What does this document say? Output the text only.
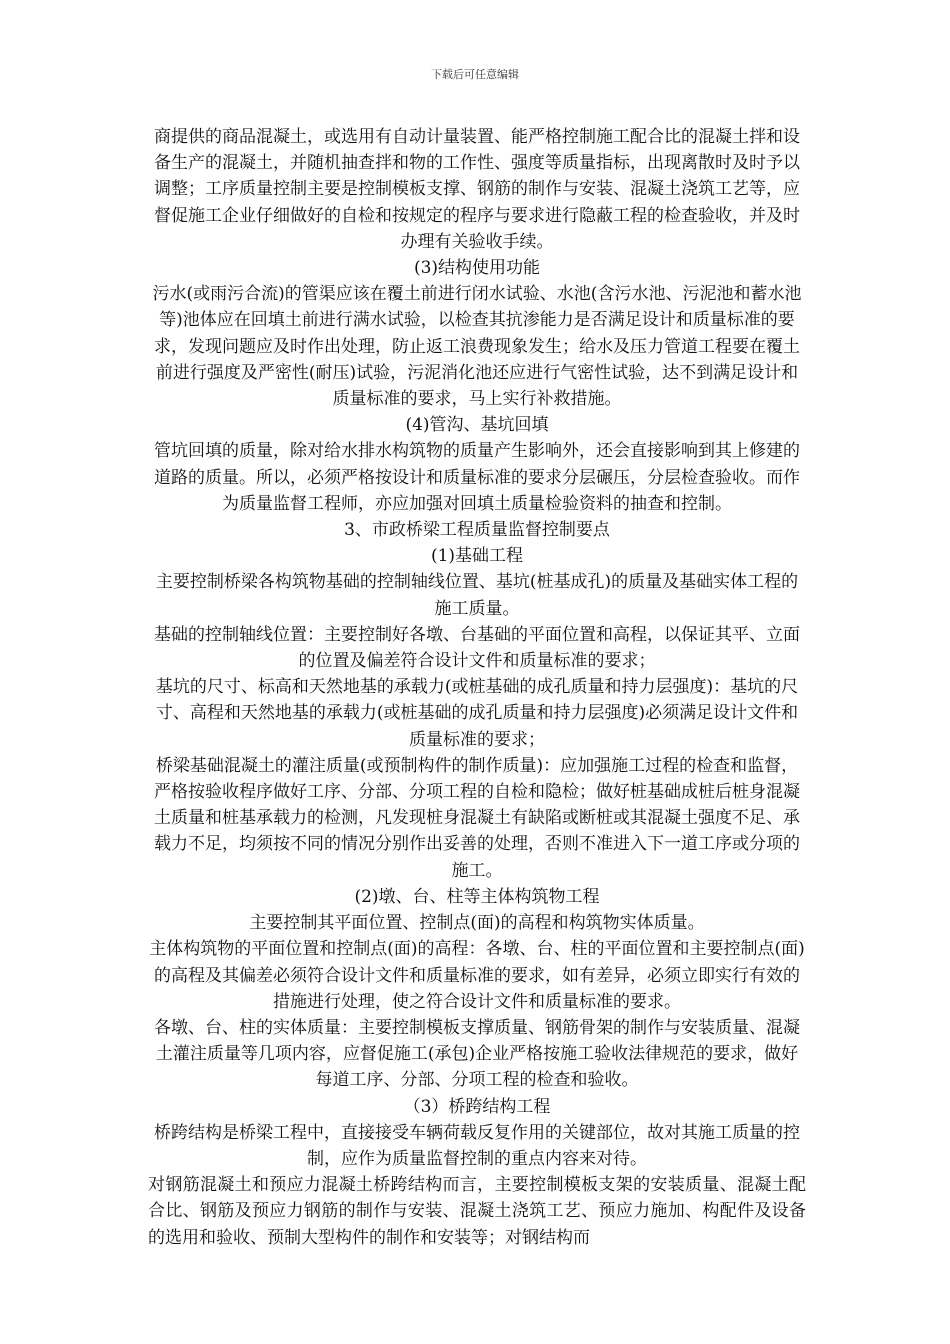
下载后可任意编辑

商提供的商品混凝土，或选用有自动计量装置、能严格控制施工配合比的混凝土拌和设备生产的混凝土，并随机抽查拌和物的工作性、强度等质量指标，出现离散时及时予以调整；工序质量控制主要是控制模板支撑、钢筋的制作与安装、混凝土浇筑工艺等，应督促施工企业仔细做好的自检和按规定的程序与要求进行隐蔽工程的检查验收，并及时办理有关验收手续。

(3)结构使用功能

污水(或雨污合流)的管渠应该在覆土前进行闭水试验、水池(含污水池、污泥池和蓄水池等)池体应在回填土前进行满水试验，以检查其抗渗能力是否满足设计和质量标准的要求，发现问题应及时作出处理，防止返工浪费现象发生；给水及压力管道工程要在覆土前进行强度及严密性(耐压)试验，污泥消化池还应进行气密性试验，达不到满足设计和质量标准的要求，马上实行补救措施。

(4)管沟、基坑回填

管坑回填的质量，除对给水排水构筑物的质量产生影响外，还会直接影响到其上修建的道路的质量。所以，必须严格按设计和质量标准的要求分层碾压，分层检查验收。而作为质量监督工程师，亦应加强对回填土质量检验资料的抽查和控制。

3、市政桥梁工程质量监督控制要点

(1)基础工程

主要控制桥梁各构筑物基础的控制轴线位置、基坑(桩基成孔)的质量及基础实体工程的施工质量。

基础的控制轴线位置：主要控制好各墩、台基础的平面位置和高程，以保证其平、立面的位置及偏差符合设计文件和质量标准的要求；

基坑的尺寸、标高和天然地基的承载力(或桩基础的成孔质量和持力层强度)：基坑的尺寸、高程和天然地基的承载力(或桩基础的成孔质量和持力层强度)必须满足设计文件和质量标准的要求；

桥梁基础混凝土的灌注质量(或预制构件的制作质量)：应加强施工过程的检查和监督，严格按验收程序做好工序、分部、分项工程的自检和隐检；做好桩基础成桩后桩身混凝土质量和桩基承载力的检测，凡发现桩身混凝土有缺陷或断桩或其混凝土强度不足、承载力不足，均须按不同的情况分别作出妥善的处理，否则不准进入下一道工序或分项的施工。

(2)墩、台、柱等主体构筑物工程

主要控制其平面位置、控制点(面)的高程和构筑物实体质量。

主体构筑物的平面位置和控制点(面)的高程：各墩、台、柱的平面位置和主要控制点(面)的高程及其偏差必须符合设计文件和质量标准的要求，如有差异，必须立即实行有效的措施进行处理，使之符合设计文件和质量标准的要求。

各墩、台、柱的实体质量：主要控制模板支撑质量、钢筋骨架的制作与安装质量、混凝土灌注质量等几项内容，应督促施工(承包)企业严格按施工验收法律规范的要求，做好每道工序、分部、分项工程的检查和验收。

（3）桥跨结构工程

桥跨结构是桥梁工程中，直接接受车辆荷载反复作用的关键部位，故对其施工质量的控制，应作为质量监督控制的重点内容来对待。

对钢筋混凝土和预应力混凝土桥跨结构而言，主要控制模板支架的安装质量、混凝土配合比、钢筋及预应力钢筋的制作与安装、混凝土浇筑工艺、预应力施加、构配件及设备的选用和验收、预制大型构件的制作和安装等；对钢结构而
